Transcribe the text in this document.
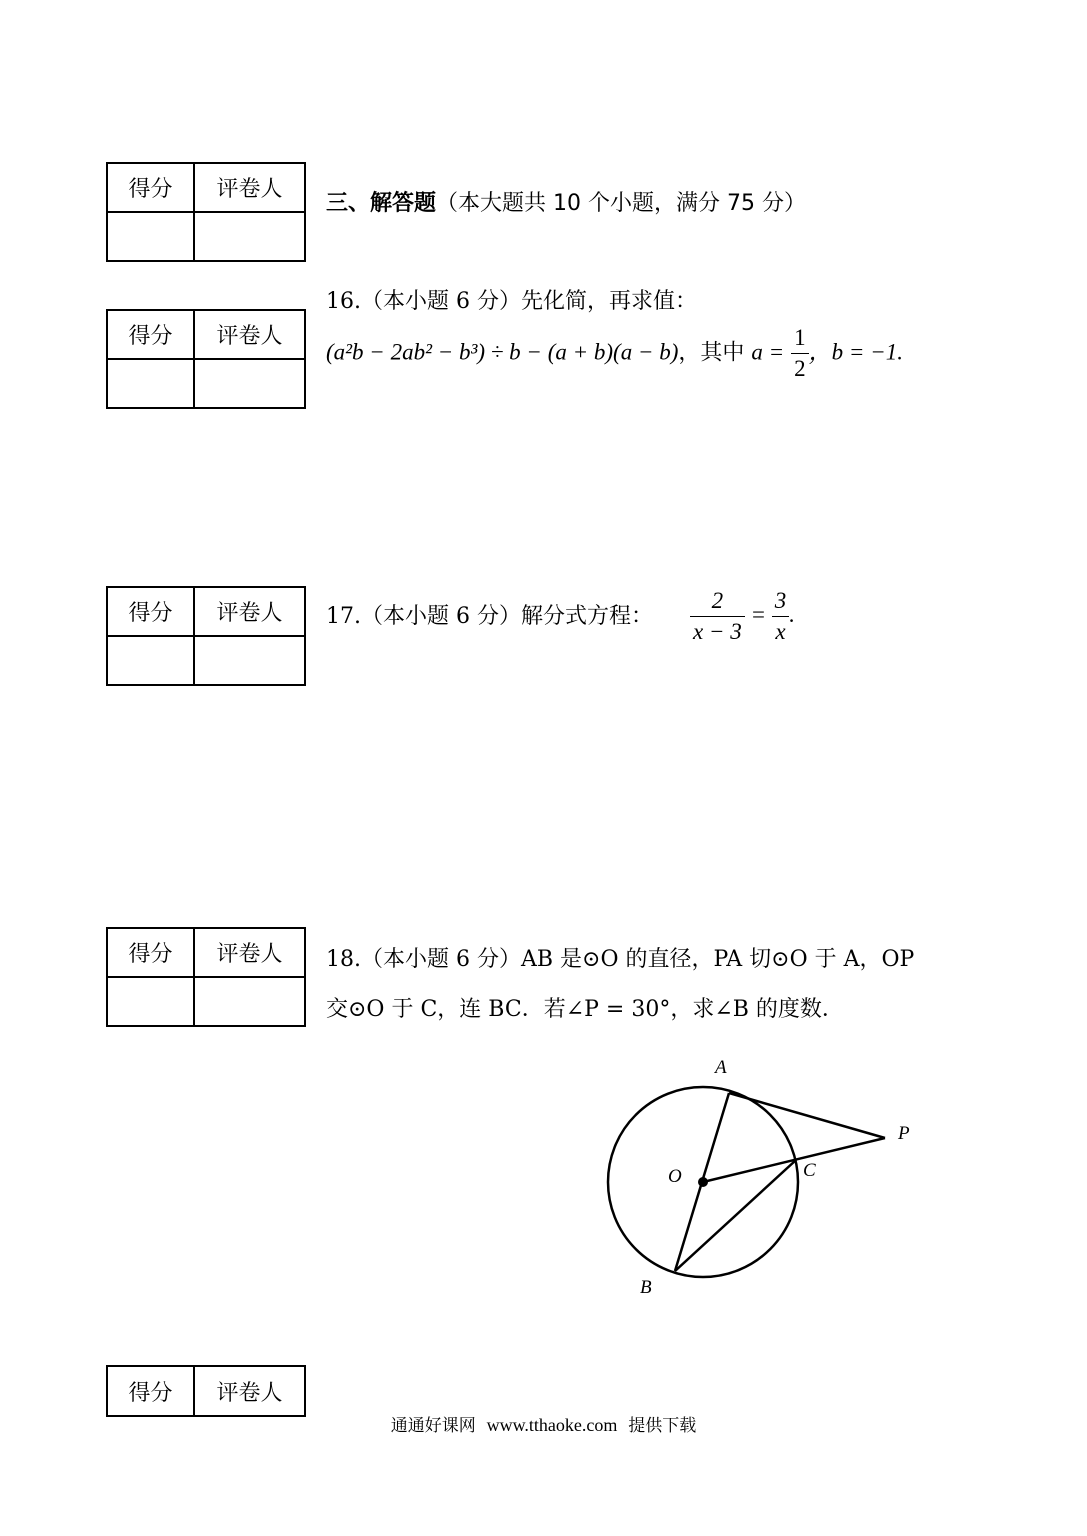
得分	评卷人

三、解答题（本大题共 10 个小题，满分 75 分）
得分	评卷人

16.（本小题 6 分）先化简，再求值：
(a²b − 2ab² − b³) ÷ b − (a + b)(a − b)，其中 $a = \frac{1}{2}$ ，b = −1.
得分	评卷人
	17.（本小题 6 分）解分式方程： $\frac{2}{x - 3} = \frac{3}{x}$ .
得分	评卷人
	18.（本小题 6 分）AB 是⊙O 的直径，PA 切⊙O 于 A，OP
交⊙O 于 C，连 BC．若∠P = 30°，求∠B 的度数．
A
P
O	C
B
得分	评卷人
通通好课网 www.tthaoke.com 提供下载
